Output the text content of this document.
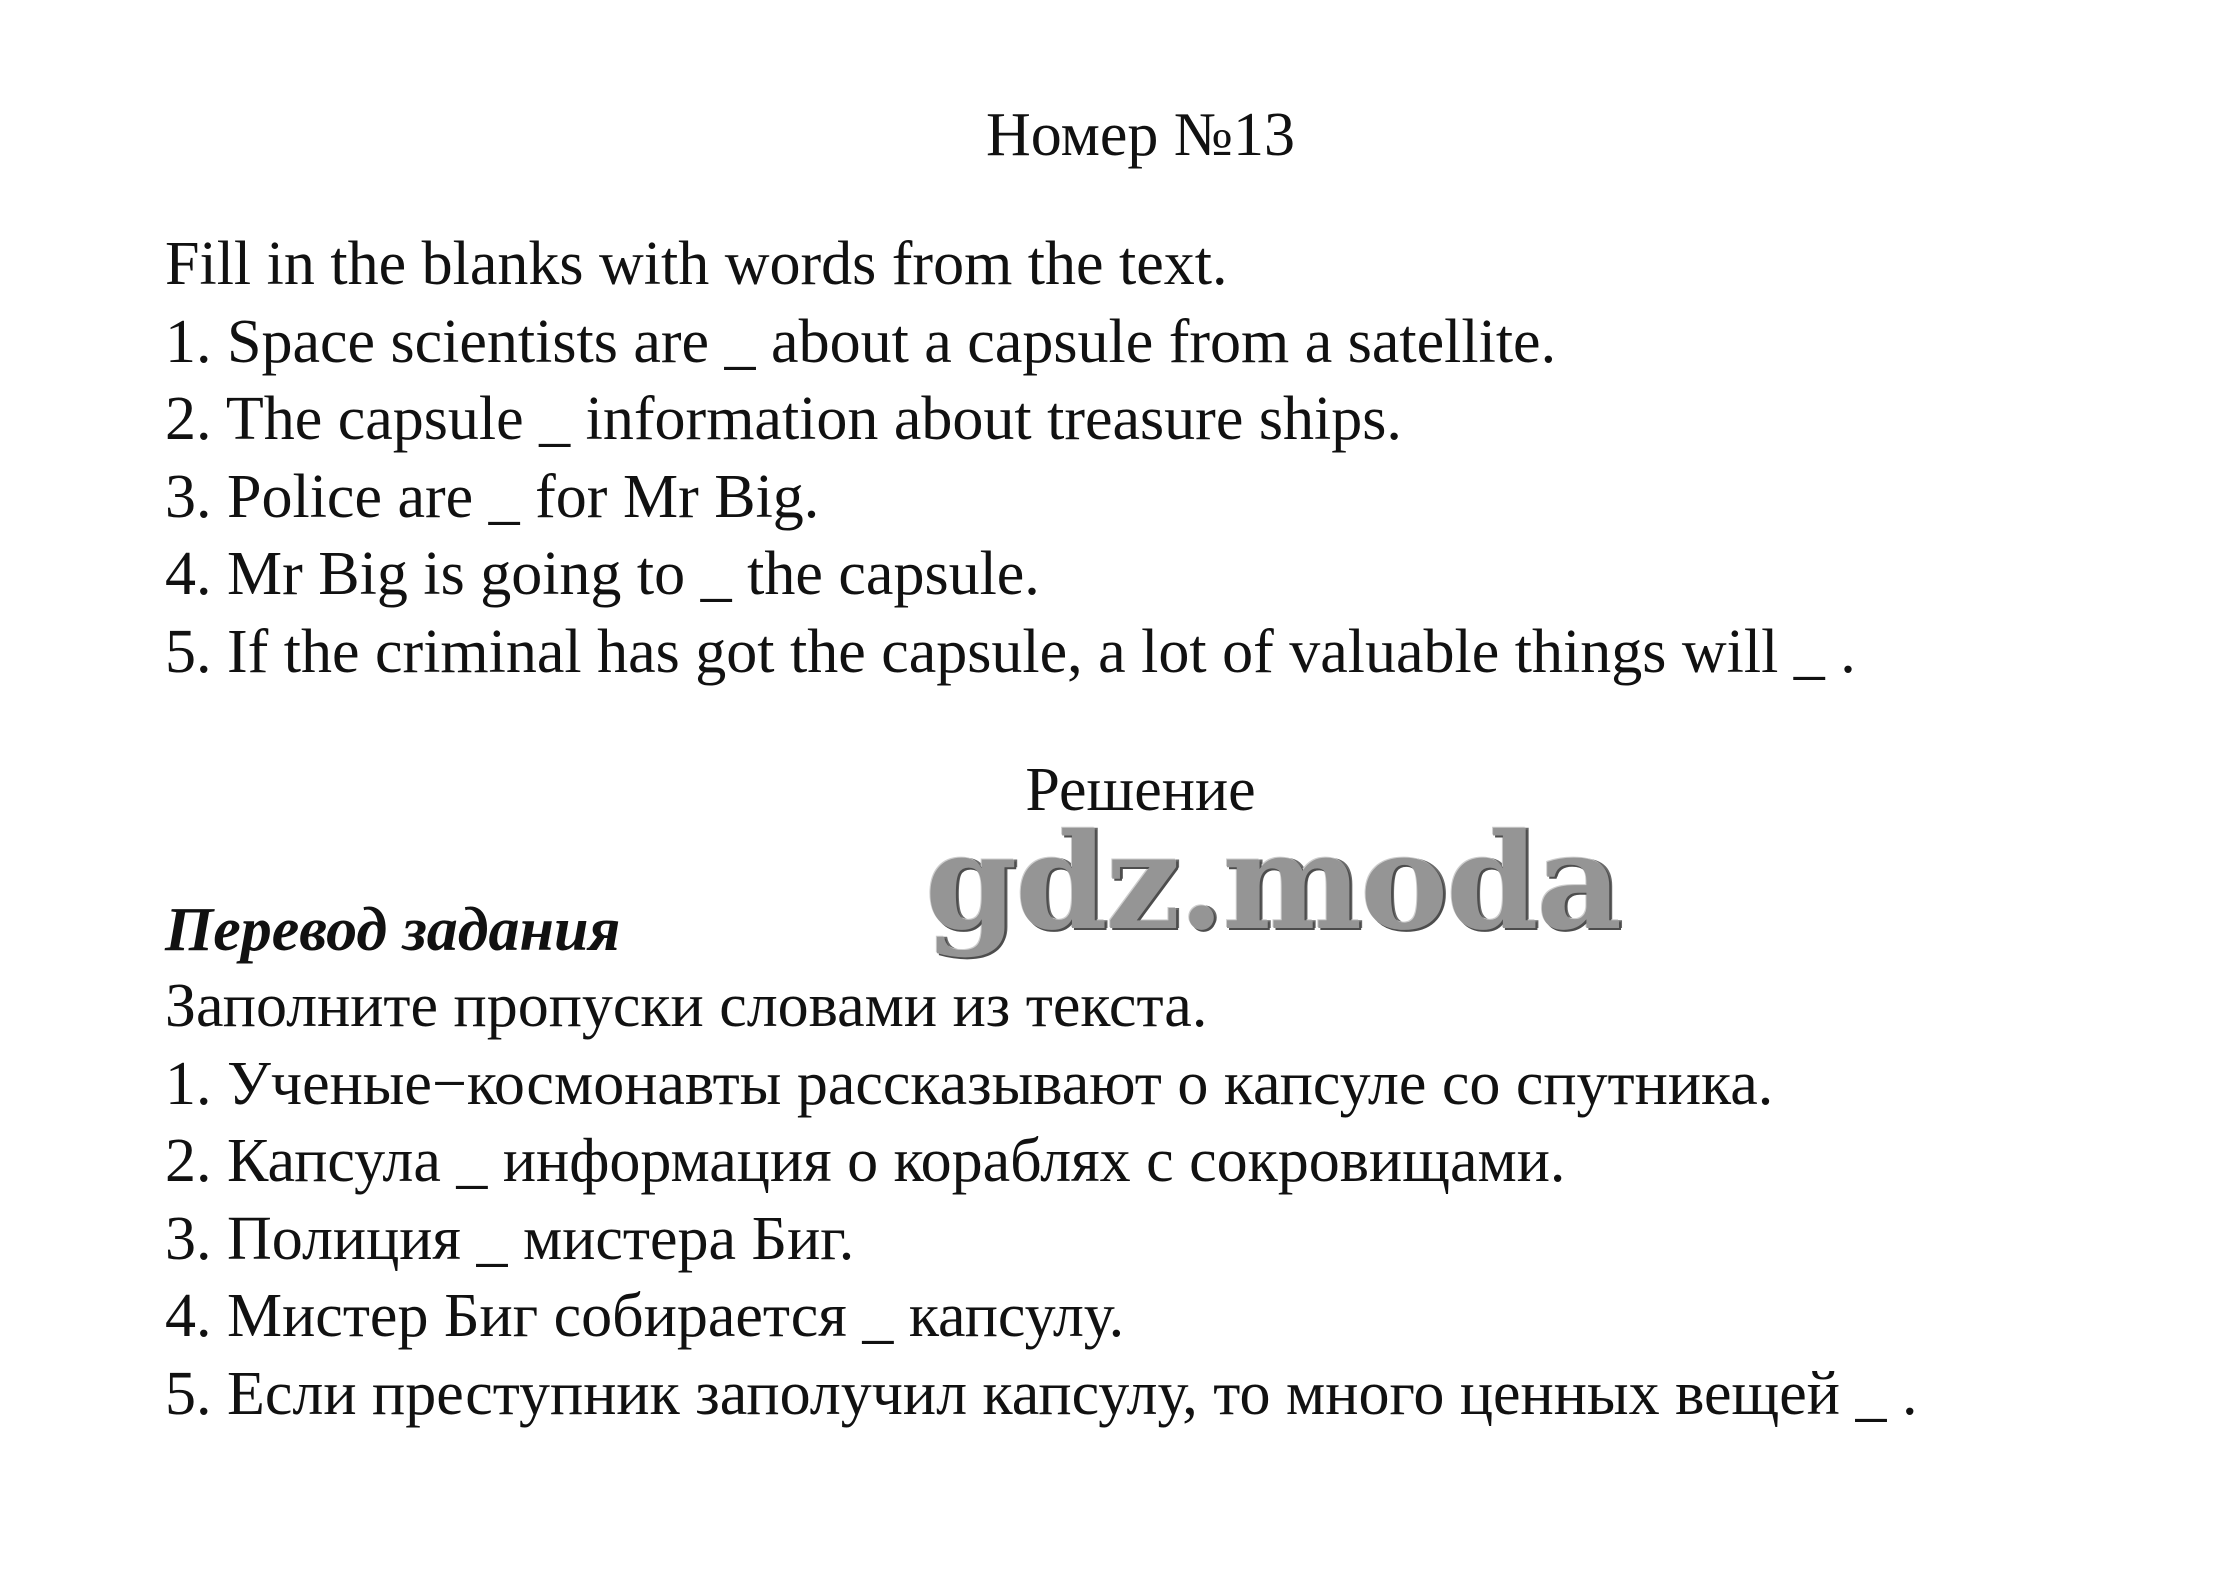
Номер №13
Fill in the blanks with words from the text.
1. Space scientists are _ about a capsule from a satellite.
2. The capsule _ information about treasure ships.
3. Police are _ for Mr Big.
4. Mr Big is going to _ the capsule.
5. If the criminal has got the capsule, a lot of valuable things will _ .
Решение
gdz.moda
Перевод задания
Заполните пропуски словами из текста.
1. Ученые−космонавты рассказывают о капсуле со спутника.
2. Капсула _ информация о кораблях с сокровищами.
3. Полиция _ мистера Биг.
4. Мистер Биг собирается _ капсулу.
5. Если преступник заполучил капсулу, то много ценных вещей _ .
